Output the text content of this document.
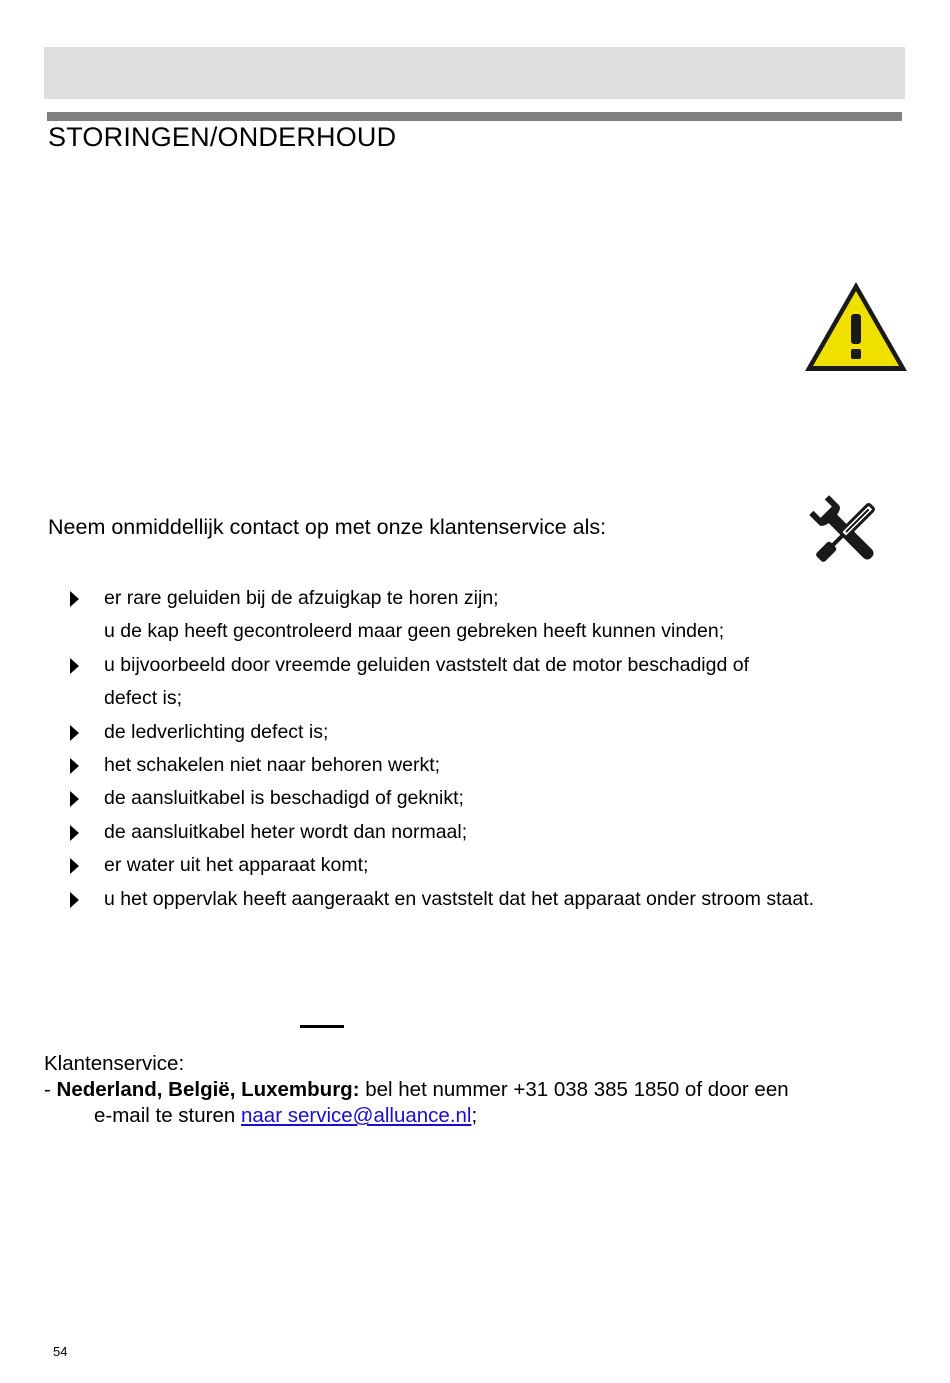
STORINGEN/ONDERHOUD
Neem onmiddellijk contact op met onze klantenservice als:
er rare geluiden bij de afzuigkap te horen zijn;
u de kap heeft gecontroleerd maar geen gebreken heeft kunnen vinden;
u bijvoorbeeld door vreemde geluiden vaststelt dat de motor beschadigd of
defect is;
de ledverlichting defect is;
het schakelen niet naar behoren werkt;
de aansluitkabel is beschadigd of geknikt;
de aansluitkabel heter wordt dan normaal;
er water uit het apparaat komt;
u het oppervlak heeft aangeraakt en vaststelt dat het apparaat onder stroom staat.
Klantenservice:
- Nederland, België, Luxemburg: bel het nummer +31 038 385 1850 of door een
e-mail te sturen naar service@alluance.nl;
54
